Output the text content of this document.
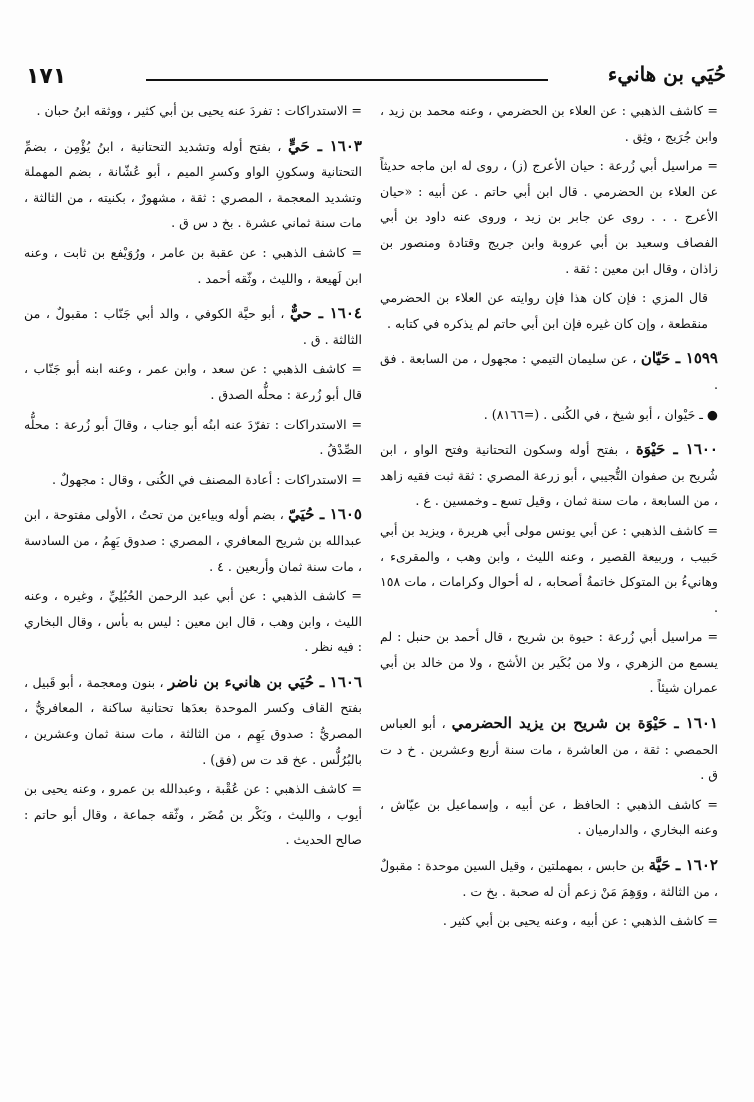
١٧١	حُيَي بن هانيء

= كاشف الذهبي : عن العلاء بن الحضرمي ، وعنه محمد بن زيد ، وابن جُرَيج ، وثِق .

= مراسيل أبي زُرعة : حيان الأعرج (ز) ، روى له ابن ماجه حديثاً عن العلاء بن الحضرمي . قال ابن أبي حاتم . عن أبيه : «حيان الأعرج . . . روى عن جابر بن زيد ، وروى عنه داود بن أبي الفصاف وسعيد بن أبي عروبة وابن جريج وقتادة ومنصور بن زاذان ، وقال ابن معين : ثقة .

قال المزي : فإن كان هذا فإن روايته عن العلاء بن الحضرمي منقطعة ، وإن كان غيره فإن ابن أبي حاتم لم يذكره في كتابه .

١٥٩٩ ـ حَيّان ، عن سليمان التيمي : مجهول ، من السابعة . فق .

● ـ حَيْوان ، أبو شيخ ، في الكُنى . (=٨١٦٦) .

١٦٠٠ ـ حَيْوَة ، بفتح أوله وسكون التحتانية وفتح الواو ، ابن شُريح بن صفوان التُّجيبي ، أبو زرعة المصري : ثقة ثبت فقيه زاهد ، من السابعة ، مات سنة ثمان ، وقيل تسع ـ وخمسين . ع .

= كاشف الذهبي : عن أبي يونس مولى أبي هريرة ، ويزيد بن أبي حَبيب ، وربيعة القصير ، وعنه الليث ، وابن وهب ، والمقرىء ، وهانيءُ بن المتوكل خاتمةُ أصحابه ، له أحوال وكرامات ، مات ١٥٨ .

= مراسيل أبي زُرعة : حيوة بن شريح ، قال أحمد بن حنبل : لم يسمع من الزهري ، ولا من بُكَير بن الأشج ، ولا من خالد بن أبي عمران شيئاً .

١٦٠١ ـ حَيْوَة بن شريح بن يزيد الحضرمي ، أبو العباس الحمصي : ثقة ، من العاشرة ، مات سنة أربع وعشرين . خ د ت ق .

= كاشف الذهبي : الحافظ ، عن أبيه ، وإسماعيل بن عيّاش ، وعنه البخاري ، والدارميان .

١٦٠٢ ـ حَيَّة بن حابس ، بمهملتين ، وقيل السين موحدة : مقبولٌ ، من الثالثة ، ووَهِمَ مَنْ زعم أن له صحبة . بخ ت .

= كاشف الذهبي : عن أبيه ، وعنه يحيى بن أبي كثير .

= الاستدراكات : تفردَ عنه يحيى بن أبي كثير ، ووثقه ابنُ حبان .

١٦٠٣ ـ حَيٍّ ، بفتح أوله وتشديد التحتانية ، ابنُ يُؤْمِن ، بضمِّ التحتانية وسكونِ الواو وكسرِ الميم ، أبو عُشّانة ، بضم المهملة وتشديد المعجمة ، المصري : ثقة ، مشهورٌ ، بكنيته ، من الثالثة ، مات سنة ثماني عشرة . بخ د س ق .

= كاشف الذهبي : عن عقبة بن عامر ، ورُوَيْفع بن ثابت ، وعنه ابن لَهيعة ، والليث ، وثّقه أحمد .

١٦٠٤ ـ حيٌّ ، أبو حيَّة الكوفي ، والد أبي جَنّاب : مقبولٌ ، من الثالثة . ق .

= كاشف الذهبي : عن سعد ، وابن عمر ، وعنه ابنه أبو جَنّاب ، قال أبو زُرعة : محلُّه الصدق .

= الاستدراكات : تفرّدَ عنه ابنُه أبو جناب ، وقالَ أبو زُرعة : محلُّه الصِّدْقُ .

= الاستدراكات : أعادة المصنف في الكُنى ، وقال : مجهولٌ .

١٦٠٥ ـ حُيَيّ ، بضم أوله وبياءين من تحتُ ، الأولى مفتوحة ، ابن عبدالله بن شريح المعافري ، المصري : صدوق يَهِمُ ، من السادسة ، مات سنة ثمان وأربعين . ٤ .

= كاشف الذهبي : عن أبي عبد الرحمن الحُبُلِيِّ ، وغيره ، وعنه الليث ، وابن وهب ، قال ابن معين : ليس به بأس ، وقال البخاري : فيه نظر .

١٦٠٦ ـ حُيَي بن هانيء بن ناضر ، بنون ومعجمة ، أبو قَبيل ، بفتح القاف وكسر الموحدة بعدَها تحتانية ساكنة ، المعافريُّ ، المصريُّ : صدوق يَهِم ، من الثالثة ، مات سنة ثمان وعشرين ، بالبُرُلُّس . عخ قد ت س (فق) .

= كاشف الذهبي : عن عُقْبة ، وعبدالله بن عمرو ، وعنه يحيى بن أيوب ، والليث ، وبَكْر بن مُضَر ، وثّقه جماعة ، وقال أبو حاتم : صالح الحديث .
